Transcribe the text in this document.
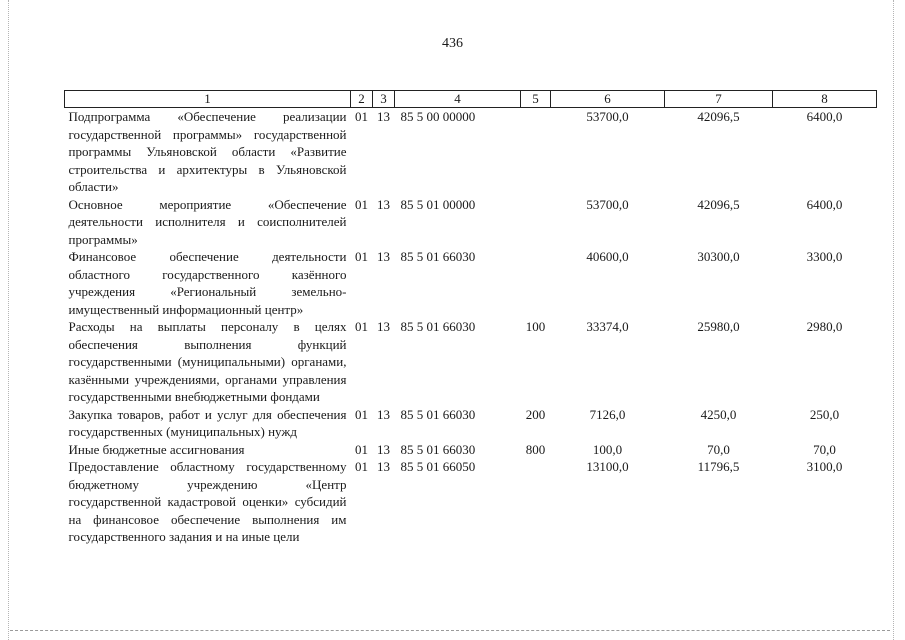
436
1	2	3	4	5	6	7	8
Подпрограмма «Обеспечение реализации государственной программы» государственной программы Ульяновской области «Развитие строительства и архитектуры в Ульяновской области»	01	13	85 5 00 00000		53700,0	42096,5	6400,0
Основное мероприятие «Обеспечение деятельности исполнителя и соисполнителей программы»	01	13	85 5 01 00000		53700,0	42096,5	6400,0
Финансовое обеспечение деятельности областного государственного казённого учреждения «Региональный земельно-имущественный информационный центр»	01	13	85 5 01 66030		40600,0	30300,0	3300,0
Расходы на выплаты персоналу в целях обеспечения выполнения функций государственными (муниципальными) органами, казёнными учреждениями, органами управления государственными внебюджетными фондами	01	13	85 5 01 66030	100	33374,0	25980,0	2980,0
Закупка товаров, работ и услуг для обеспечения государственных (муниципальных) нужд	01	13	85 5 01 66030	200	7126,0	4250,0	250,0
Иные бюджетные ассигнования	01	13	85 5 01 66030	800	100,0	70,0	70,0
Предоставление областному государственному бюджетному учреждению «Центр государственной кадастровой оценки» субсидий на финансовое обеспечение выполнения им государственного задания и на иные цели	01	13	85 5 01 66050		13100,0	11796,5	3100,0
